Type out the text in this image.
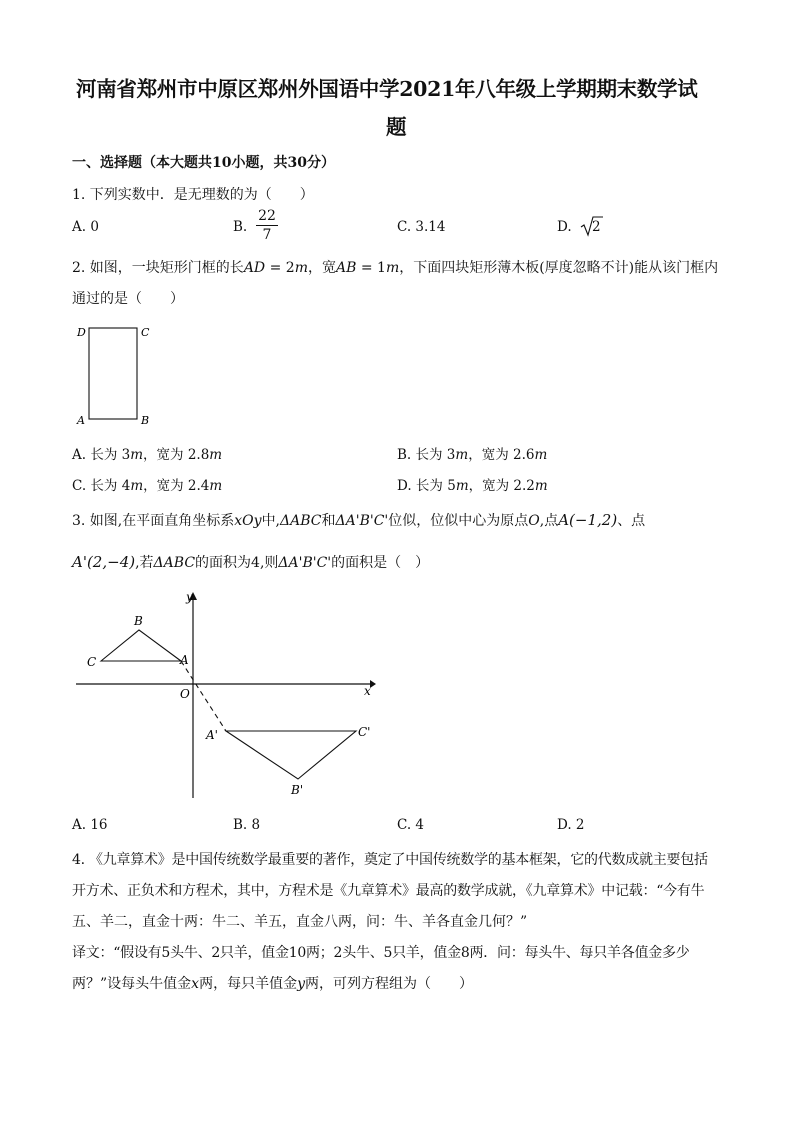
河南省郑州市中原区郑州外国语中学2021年八年级上学期期末数学试
题
一、选择题（本大题共10小题，共30分）
1. 下列实数中．是无理数的为（　　）
A. 0	B.
22
7	C. 3.14	D. 2
2. 如图，一块矩形门框的长AD = 2m，宽AB = 1m，下面四块矩形薄木板(厚度忽略不计)能从该门框内
通过的是（　　）
D	C
A	B
A. 长为 3m，宽为 2.8m	B. 长为 3m，宽为 2.6m
C. 长为 4m，宽为 2.4m	D. 长为 5m，宽为 2.2m
3. 如图,在平面直角坐标系xOy中,ΔABC和ΔA'B'C'位似，位似中心为原点O,点A(−1,2)、点
A'(2,−4),若ΔABC的面积为4,则ΔA'B'C'的面积是（　）
y
x
O
A
B
C
A'
B'
C'
A. 16	B. 8	C. 4	D. 2
4. 《九章算术》是中国传统数学最重要的著作，奠定了中国传统数学的基本框架，它的代数成就主要包括
开方术、正负术和方程术，其中，方程术是《九章算术》最高的数学成就，《九章算术》中记载：“今有牛
五、羊二，直金十两：牛二、羊五，直金八两，问：牛、羊各直金几何？”
译文：“假设有5头牛、2只羊，值金10两；2头牛、5只羊，值金8两．问：每头牛、每只羊各值金多少
两？”设每头牛值金x两，每只羊值金y两，可列方程组为（　　）
